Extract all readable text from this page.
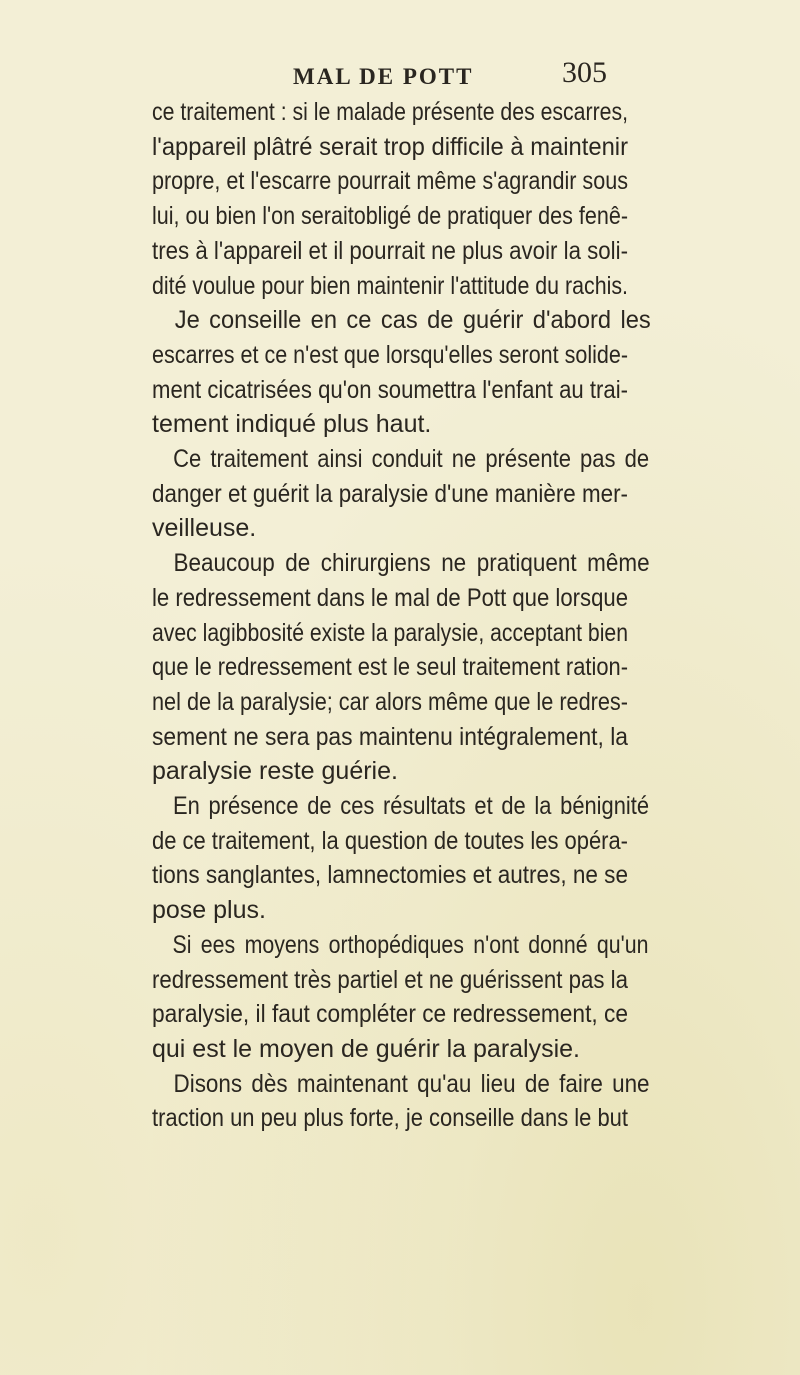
MAL DE POTT	305
ce traitement : si le malade présente des escarres,
l'appareil plâtré serait trop difficile à maintenir
propre, et l'escarre pourrait même s'agrandir sous
lui, ou bien l'on seraitobligé de pratiquer des fenê-
tres à l'appareil et il pourrait ne plus avoir la soli-
dité voulue pour bien maintenir l'attitude du rachis.
Je conseille en ce cas de guérir d'abord les
escarres et ce n'est que lorsqu'elles seront solide-
ment cicatrisées qu'on soumettra l'enfant au trai-
tement indiqué plus haut.
Ce traitement ainsi conduit ne présente pas de
danger et guérit la paralysie d'une manière mer-
veilleuse.
Beaucoup de chirurgiens ne pratiquent même
le redressement dans le mal de Pott que lorsque
avec lagibbosité existe la paralysie, acceptant bien
que le redressement est le seul traitement ration-
nel de la paralysie; car alors même que le redres-
sement ne sera pas maintenu intégralement, la
paralysie reste guérie.
En présence de ces résultats et de la bénignité
de ce traitement, la question de toutes les opéra-
tions sanglantes, lamnectomies et autres, ne se
pose plus.
Si ees moyens orthopédiques n'ont donné qu'un
redressement très partiel et ne guérissent pas la
paralysie, il faut compléter ce redressement, ce
qui est le moyen de guérir la paralysie.
Disons dès maintenant qu'au lieu de faire une
traction un peu plus forte, je conseille dans le but
